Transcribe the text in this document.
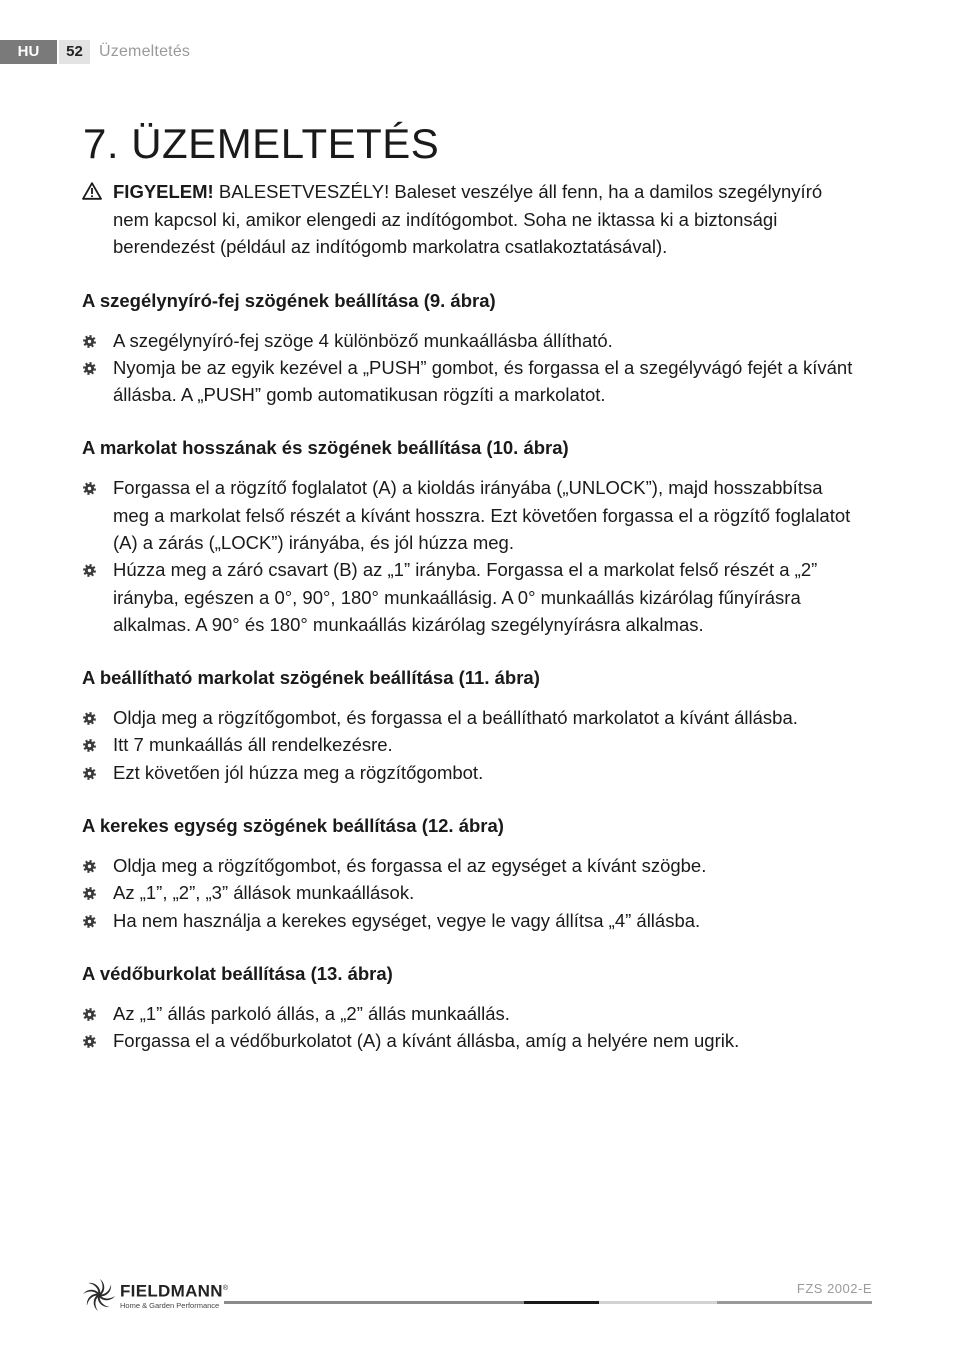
HU	52	Üzemeltetés
7. ÜZEMELTETÉS

FIGYELEM! BALESETVESZÉLY! Baleset veszélye áll fenn, ha a damilos szegélynyíró nem kapcsol ki, amikor elengedi az indítógombot. Soha ne iktassa ki a biztonsági berendezést (például az indítógomb markolatra csatlakoztatásával).

A szegélynyíró-fej szögének beállítása (9. ábra)
A szegélynyíró-fej szöge 4 különböző munkaállásba állítható.
Nyomja be az egyik kezével a „PUSH” gombot, és forgassa el a szegélyvágó fejét a kívánt állásba. A „PUSH” gomb automatikusan rögzíti a markolatot.
A markolat hosszának és szögének beállítása (10. ábra)
Forgassa el a rögzítő foglalatot (A) a kioldás irányába („UNLOCK”), majd hosszabbítsa meg a markolat felső részét a kívánt hosszra. Ezt követően forgassa el a rögzítő foglalatot (A) a zárás („LOCK”) irányába, és jól húzza meg.
Húzza meg a záró csavart (B) az „1” irányba. Forgassa el a markolat felső részét a „2” irányba, egészen a 0°, 90°, 180° munkaállásig. A 0° munkaállás kizárólag fűnyírásra alkalmas. A 90° és 180° munkaállás kizárólag szegélynyírásra alkalmas.
A beállítható markolat szögének beállítása (11. ábra)
Oldja meg a rögzítőgombot, és forgassa el a beállítható markolatot a kívánt állásba.
Itt 7 munkaállás áll rendelkezésre.
Ezt követően jól húzza meg a rögzítőgombot.
A kerekes egység szögének beállítása (12. ábra)
Oldja meg a rögzítőgombot, és forgassa el az egységet a kívánt szögbe.
Az „1”, „2”, „3” állások munkaállások.
Ha nem használja a kerekes egységet, vegye le vagy állítsa „4” állásba.
A védőburkolat beállítása (13. ábra)
Az „1” állás parkoló állás, a „2” állás munkaállás.
Forgassa el a védőburkolatot (A) a kívánt állásba, amíg a helyére nem ugrik.
FIELDMANN®
Home & Garden Performance
FZS 2002-E
